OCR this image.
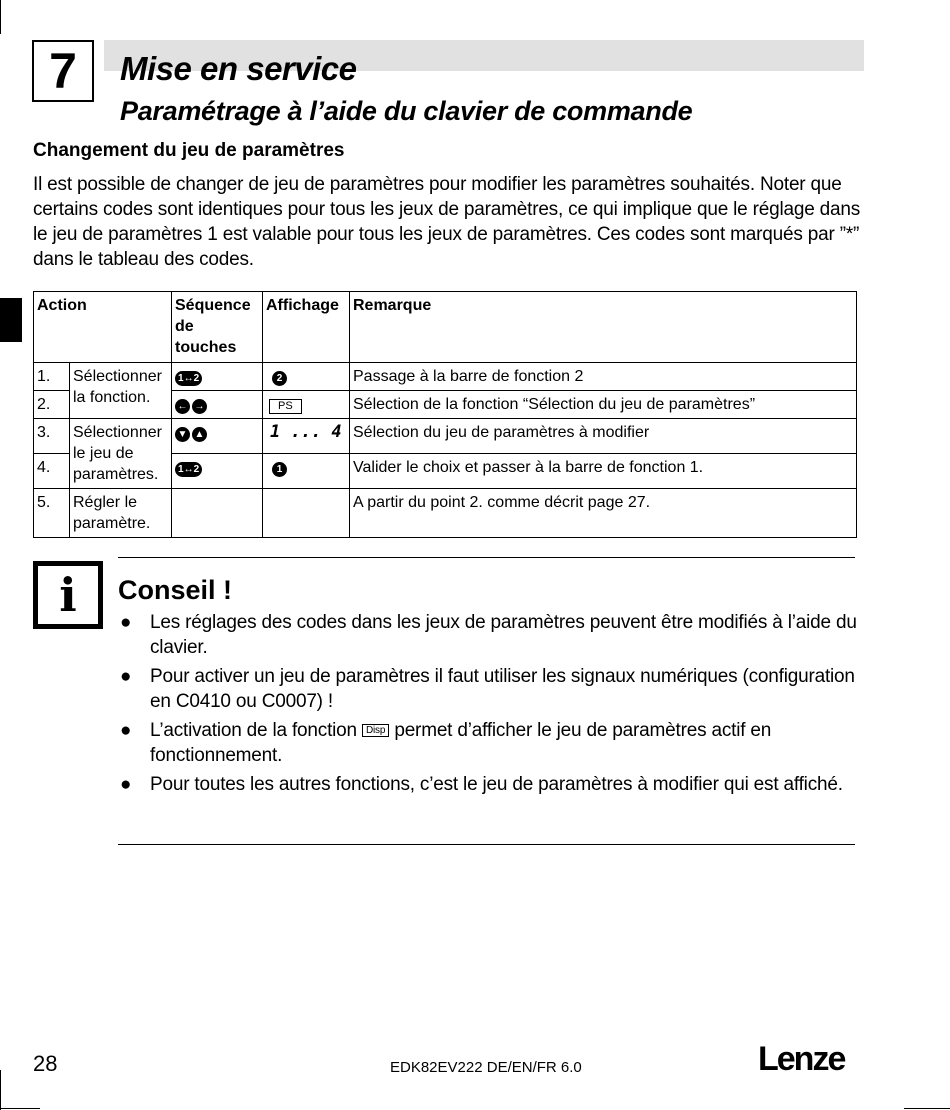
7 Mise en service
Paramétrage à l’aide du clavier de commande
Changement du jeu de paramètres
Il est possible de changer de jeu de paramètres pour modifier les paramètres souhaités. Noter que certains codes sont identiques pour tous les jeux de paramètres, ce qui implique que le réglage dans le jeu de paramètres 1 est valable pour tous les jeux de paramètres. Ces codes sont marqués par ”*” dans le tableau des codes.
Action		Séquence de touches	Affichage	Remarque
1.	Sélectionner la fonction.	1 ↔ 2	2	Passage à la barre de fonction 2
2.		← →	PS	Sélection de la fonction “Sélection du jeu de paramètres”
3.	Sélectionner le jeu de paramètres.	▼ ▲	1 ... 4	Sélection du jeu de paramètres à modifier
4.		1 ↔ 2	1	Valider le choix et passer à la barre de fonction 1.
5.	Régler le paramètre.			A partir du point 2. comme décrit page 27.
i	Conseil !
● Les réglages des codes dans les jeux de paramètres peuvent être modifiés à l’aide du clavier.
● Pour activer un jeu de paramètres il faut utiliser les signaux numériques (configuration en C0410 ou C0007) !
● L’activation de la fonction Disp permet d’afficher le jeu de paramètres actif en fonctionnement.
● Pour toutes les autres fonctions, c’est le jeu de paramètres à modifier qui est affiché.
28	EDK82EV222 DE/EN/FR 6.0	Lenze
